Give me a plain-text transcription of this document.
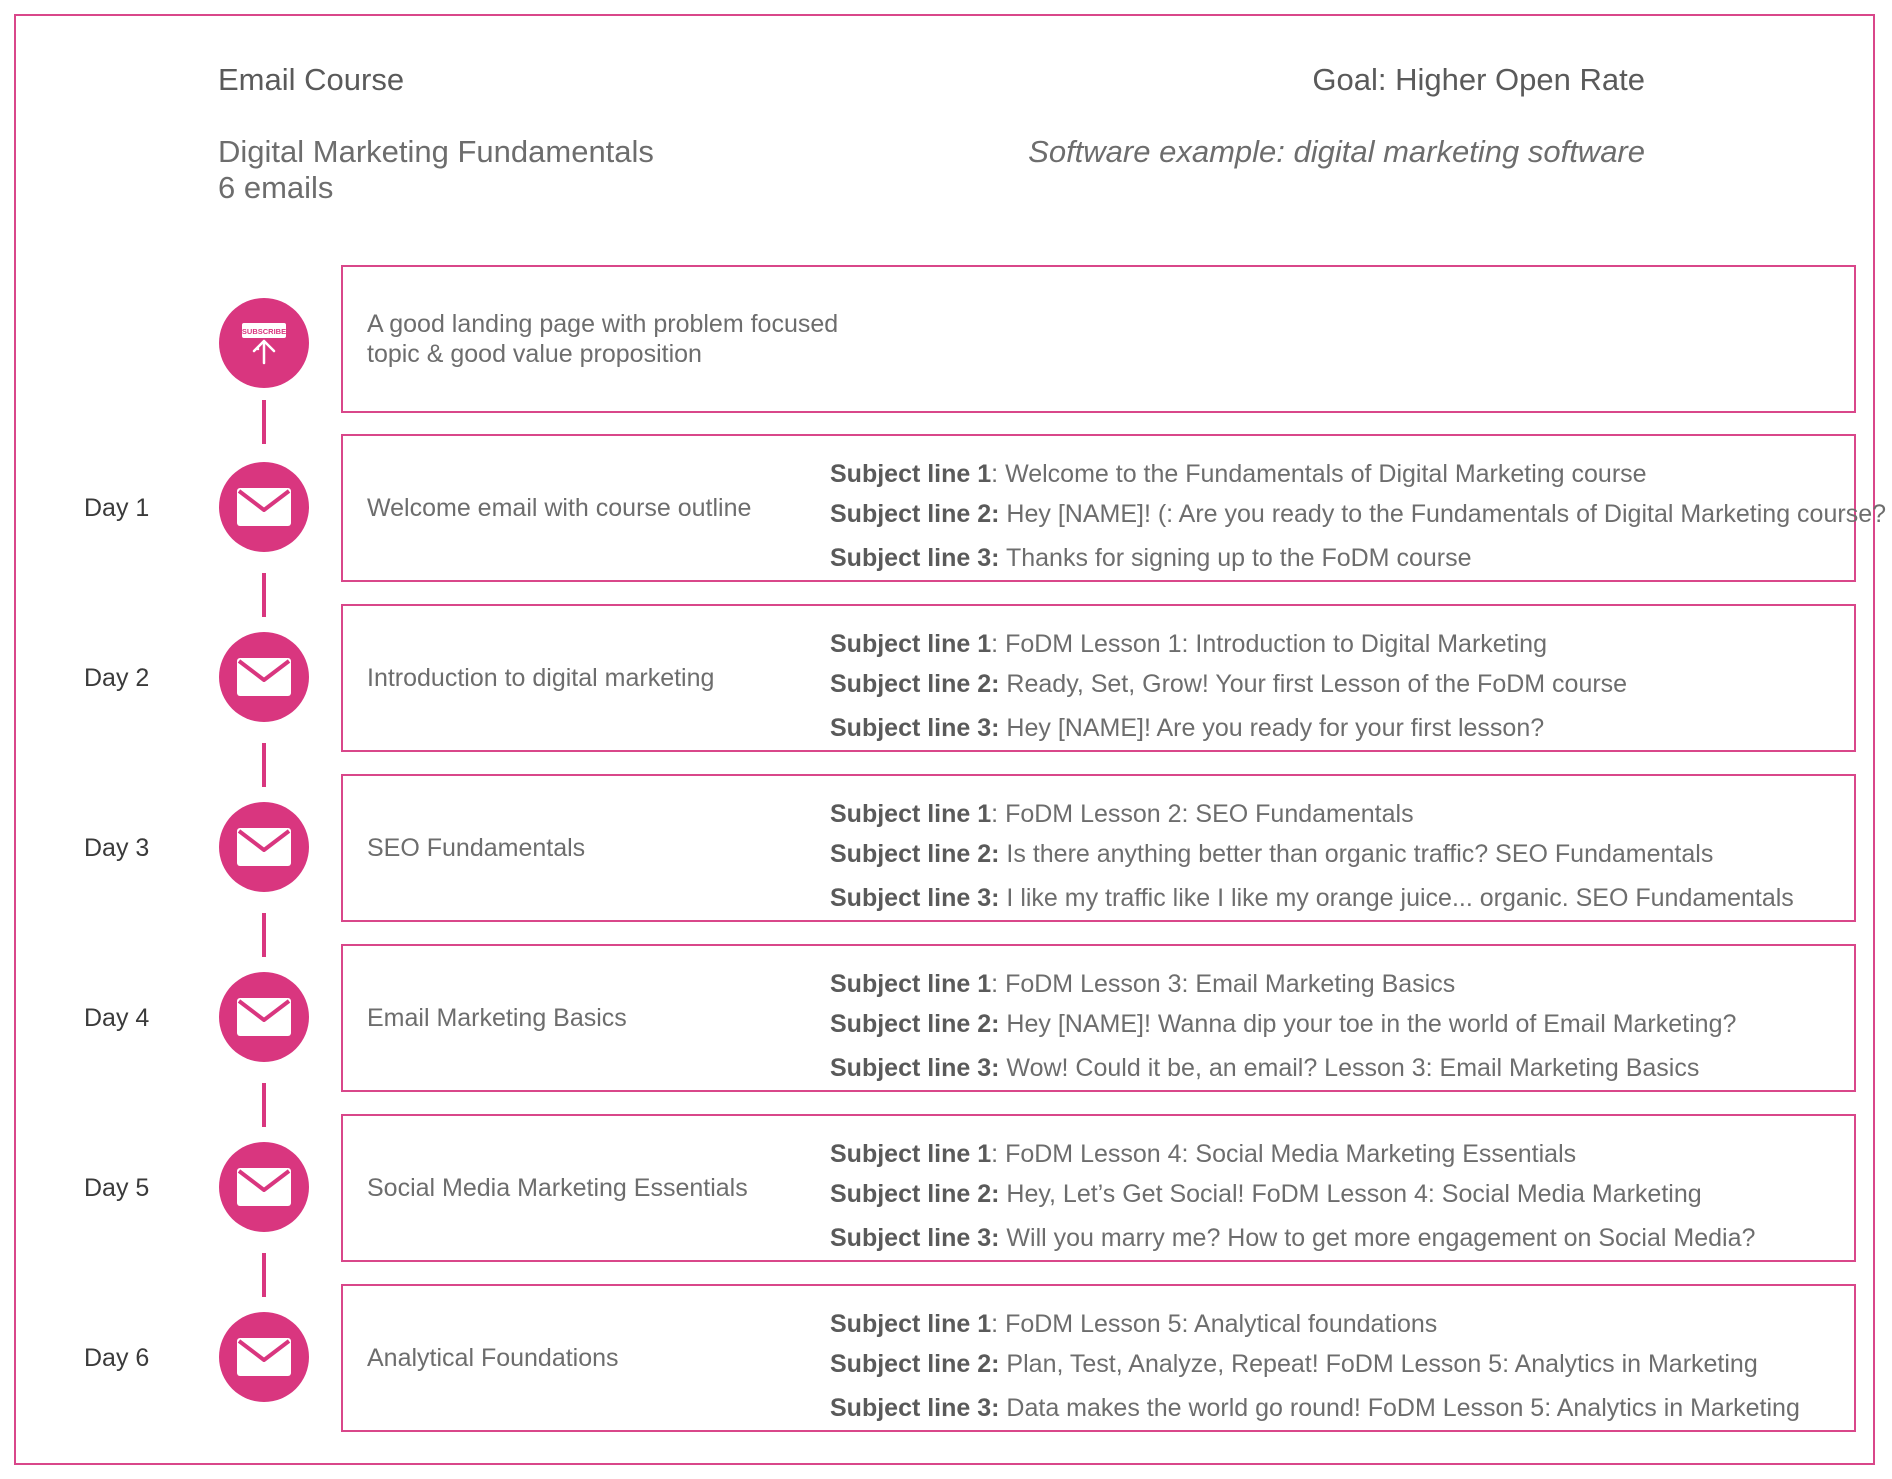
Email Course	Goal: Higher Open Rate
Digital Marketing Fundamentals
6 emails
Software example: digital marketing software
SUBSCRIBE	A good landing page with problem focused
topic & good value proposition
Day 1	Welcome email with course outline
Subject line 1: Welcome to the Fundamentals of Digital Marketing course
Subject line 2: Hey [NAME]! (: Are you ready to the Fundamentals of Digital Marketing course?
Subject line 3: Thanks for signing up to the FoDM course
Day 2	Introduction to digital marketing
Subject line 1: FoDM Lesson 1: Introduction to Digital Marketing
Subject line 2: Ready, Set, Grow! Your first Lesson of the FoDM course
Subject line 3: Hey [NAME]! Are you ready for your first lesson?
Day 3	SEO Fundamentals
Subject line 1: FoDM Lesson 2: SEO Fundamentals
Subject line 2: Is there anything better than organic traffic? SEO Fundamentals
Subject line 3: I like my traffic like I like my orange juice... organic. SEO Fundamentals
Day 4	Email Marketing Basics
Subject line 1: FoDM Lesson 3: Email Marketing Basics
Subject line 2: Hey [NAME]! Wanna dip your toe in the world of Email Marketing?
Subject line 3: Wow! Could it be, an email? Lesson 3: Email Marketing Basics
Day 5	Social Media Marketing Essentials
Subject line 1: FoDM Lesson 4: Social Media Marketing Essentials
Subject line 2: Hey, Let’s Get Social! FoDM Lesson 4: Social Media Marketing
Subject line 3: Will you marry me? How to get more engagement on Social Media?
Day 6	Analytical Foundations
Subject line 1: FoDM Lesson 5: Analytical foundations
Subject line 2: Plan, Test, Analyze, Repeat! FoDM Lesson 5: Analytics in Marketing
Subject line 3: Data makes the world go round! FoDM Lesson 5: Analytics in Marketing
